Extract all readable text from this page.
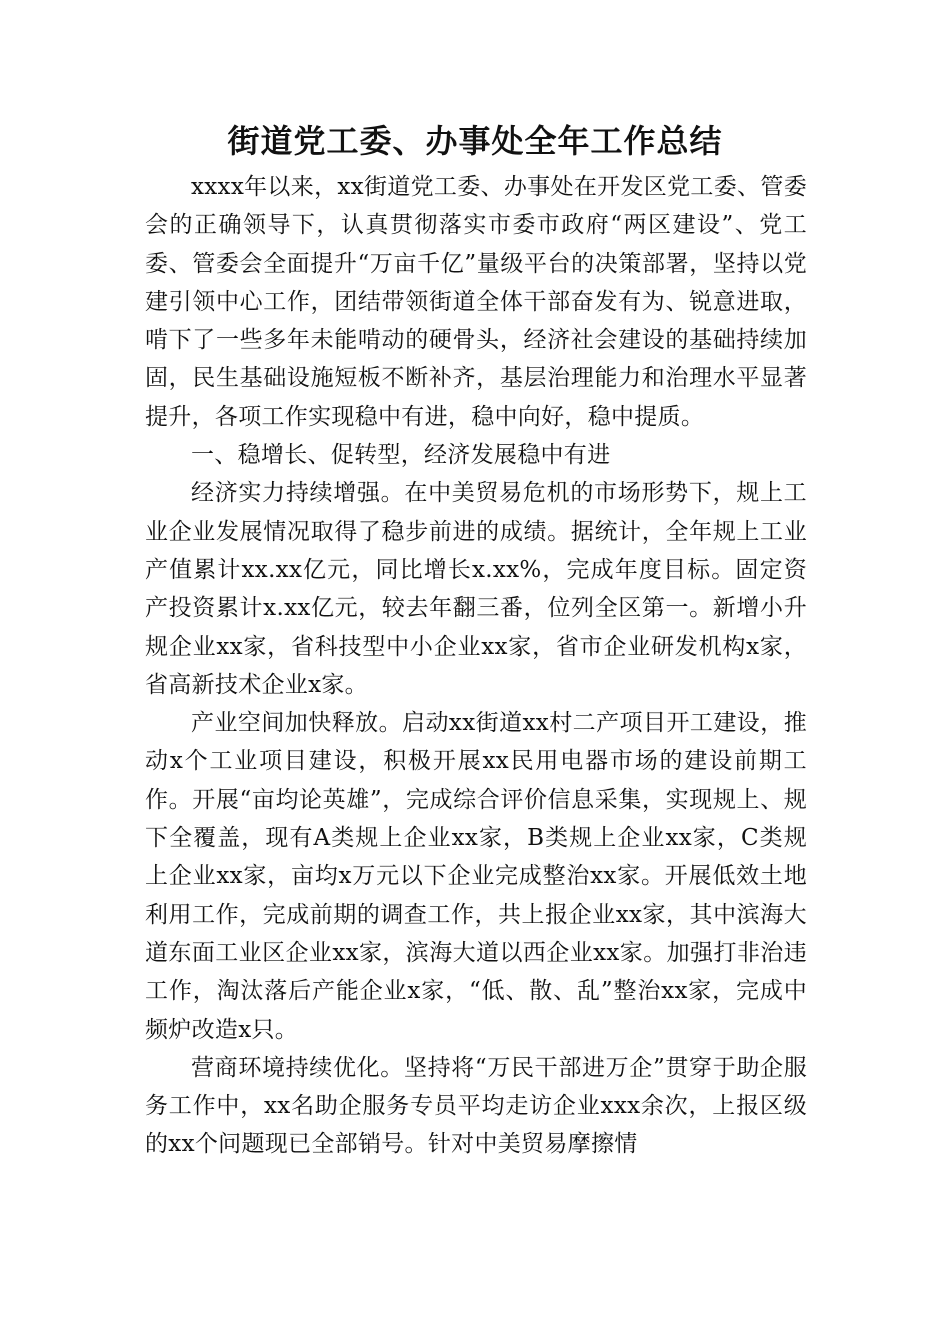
街道党工委、办事处全年工作总结

xxxx年以来，xx街道党工委、办事处在开发区党工委、管委会的正确领导下，认真贯彻落实市委市政府“两区建设”、党工委、管委会全面提升“万亩千亿”量级平台的决策部署，坚持以党建引领中心工作，团结带领街道全体干部奋发有为、锐意进取，啃下了一些多年未能啃动的硬骨头，经济社会建设的基础持续加固，民生基础设施短板不断补齐，基层治理能力和治理水平显著提升，各项工作实现稳中有进，稳中向好，稳中提质。

一、稳增长、促转型，经济发展稳中有进

经济实力持续增强。在中美贸易危机的市场形势下，规上工业企业发展情况取得了稳步前进的成绩。据统计，全年规上工业产值累计xx.xx亿元，同比增长x.xx%，完成年度目标。固定资产投资累计x.xx亿元，较去年翻三番，位列全区第一。新增小升规企业xx家，省科技型中小企业xx家，省市企业研发机构x家，省高新技术企业x家。

产业空间加快释放。启动xx街道xx村二产项目开工建设，推动x个工业项目建设，积极开展xx民用电器市场的建设前期工作。开展“亩均论英雄”，完成综合评价信息采集，实现规上、规下全覆盖，现有A类规上企业xx家，B类规上企业xx家，C类规上企业xx家，亩均x万元以下企业完成整治xx家。开展低效土地利用工作，完成前期的调查工作，共上报企业xx家，其中滨海大道东面工业区企业xx家，滨海大道以西企业xx家。加强打非治违工作，淘汰落后产能企业x家，“低、散、乱”整治xx家，完成中频炉改造x只。

营商环境持续优化。坚持将“万民干部进万企”贯穿于助企服务工作中，xx名助企服务专员平均走访企业xxx余次，上报区级的xx个问题现已全部销号。针对中美贸易摩擦情
